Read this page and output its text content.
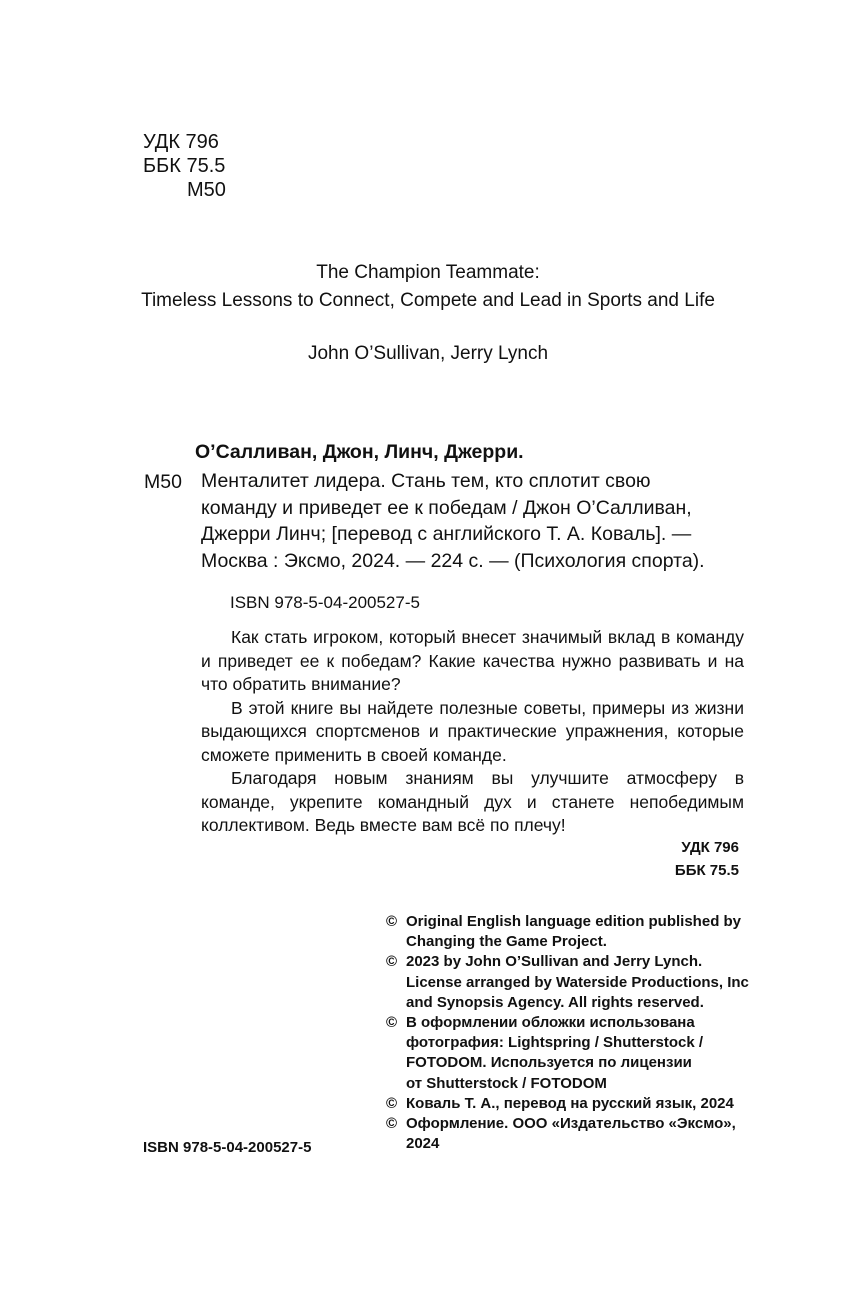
УДК 796
ББК 75.5
М50
The Champion Teammate:
Timeless Lessons to Connect, Compete and Lead in Sports and Life
John O’Sullivan, Jerry Lynch
О’Салливан, Джон, Линч, Джерри.
М50 Менталитет лидера. Стань тем, кто сплотит свою
команду и приведет ее к победам / Джон О’Салливан,
Джерри Линч; [перевод с английского Т. А. Коваль]. —
Москва : Эксмо, 2024. — 224 с. — (Психология спорта).
ISBN 978-5-04-200527-5

Как стать игроком, который внесет значимый вклад в команду и приведет ее к победам? Какие качества нужно развивать и на что обратить внимание?

В этой книге вы найдете полезные советы, примеры из жизни выдающихся спортсменов и практические упражнения, которые сможете применить в своей команде.

Благодаря новым знаниям вы улучшите атмосферу в команде, укрепите командный дух и станете непобедимым коллективом. Ведь вместе вам всё по плечу!

УДК 796
ББК 75.5
© Original English language edition published by
Changing the Game Project.
© 2023 by John O’Sullivan and Jerry Lynch.
License arranged by Waterside Productions, Inc
and Synopsis Agency. All rights reserved.
© В оформлении обложки использована
фотография: Lightspring / Shutterstock /
FOTODOM. Используется по лицензии
от Shutterstock / FOTODOM
© Коваль Т. А., перевод на русский язык, 2024
© Оформление. ООО «Издательство «Эксмо»,
2024
ISBN 978-5-04-200527-5
